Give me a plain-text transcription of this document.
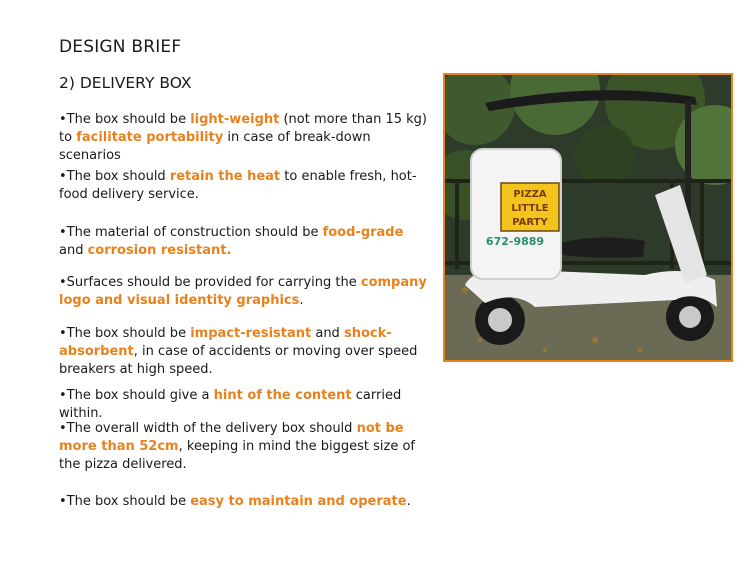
DESIGN BRIEF
2) DELIVERY BOX
•The box should be light-weight (not more than 15 kg) to facilitate portability in case of break-down scenarios
•The box should retain the heat to enable fresh, hot-food delivery service.
•The material of construction should be food-grade and corrosion resistant.
•Surfaces should be provided for carrying the company logo and visual identity graphics.
•The box should be impact-resistant and shock-absorbent, in case of accidents or moving over speed breakers at high speed.
•The box should give a hint of the content carried within.
•The overall width of the delivery box should not be more than 52cm, keeping in mind the biggest size of the pizza delivered.
•The box should be easy to maintain and operate.
PIZZA
LITTLE
PARTY
672-9889
